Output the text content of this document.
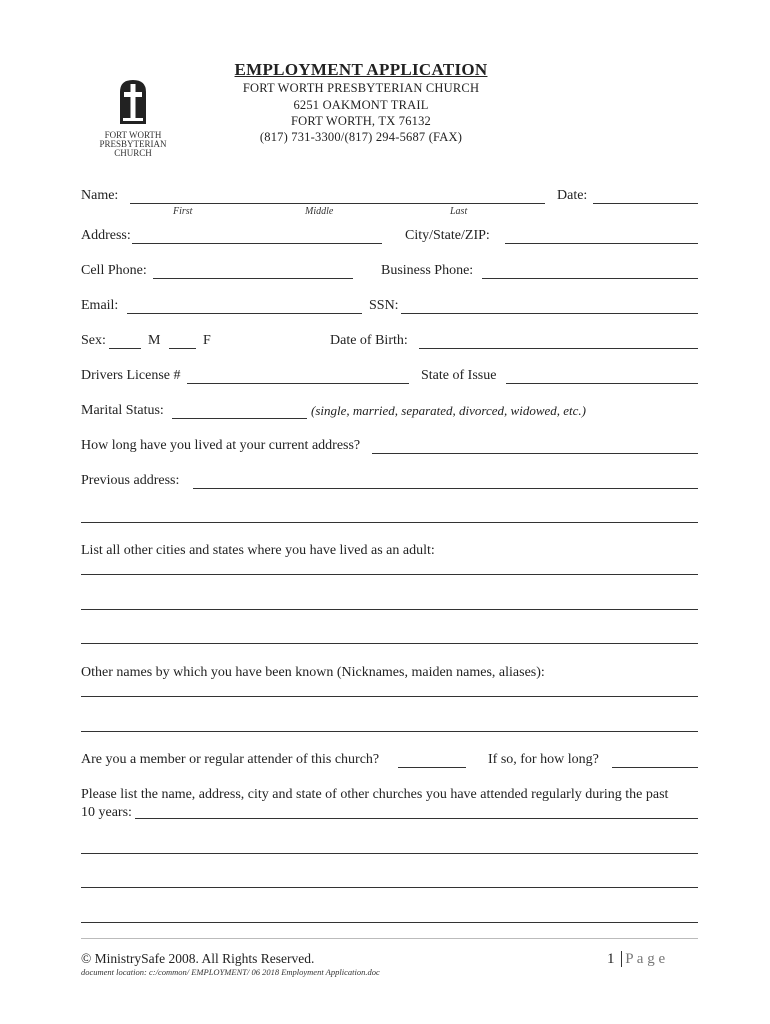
EMPLOYMENT APPLICATION
FORT WORTH PRESBYTERIAN CHURCH
6251 OAKMONT TRAIL
FORT WORTH, TX 76132
(817) 731-3300/(817) 294-5687 (FAX)
FORT WORTH
PRESBYTERIAN
CHURCH
Name:	Date:
First	Middle	Last
Address:	City/State/ZIP:
Cell Phone:	Business Phone:
Email:	SSN:
Sex:	M	F	Date of Birth:
Drivers License #	State of Issue
Marital Status:	(single, married, separated, divorced, widowed, etc.)
How long have you lived at your current address?
Previous address:
List all other cities and states where you have lived as an adult:
Other names by which you have been known (Nicknames, maiden names, aliases):
Are you a member or regular attender of this church?	If so, for how long?
Please list the name, address, city and state of other churches you have attended regularly during the past
10 years:
© MinistrySafe 2008. All Rights Reserved.
document location: c:/common/ EMPLOYMENT/ 06 2018 Employment Application.doc
1 P a g e
